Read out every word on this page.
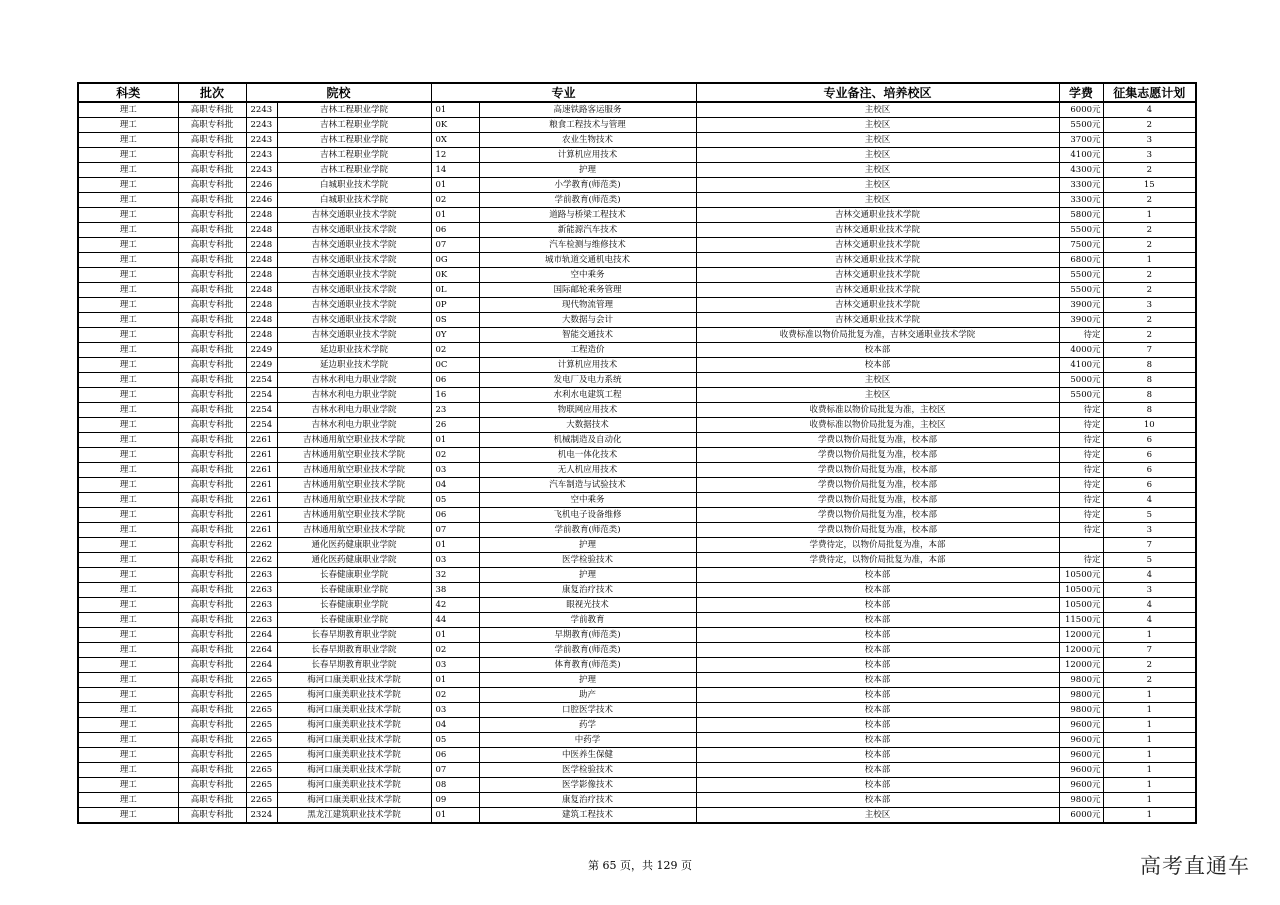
科类	批次	院校		专业		专业备注、培养校区	学费	征集志愿计划
理工	高职专科批	2243	吉林工程职业学院	01	高速铁路客运服务	主校区	6000元	4
理工	高职专科批	2243	吉林工程职业学院	0K	粮食工程技术与管理	主校区	5500元	2
理工	高职专科批	2243	吉林工程职业学院	0X	农业生物技术	主校区	3700元	3
理工	高职专科批	2243	吉林工程职业学院	12	计算机应用技术	主校区	4100元	3
理工	高职专科批	2243	吉林工程职业学院	14	护理	主校区	4300元	2
理工	高职专科批	2246	白城职业技术学院	01	小学教育(师范类)	主校区	3300元	15
理工	高职专科批	2246	白城职业技术学院	02	学前教育(师范类)	主校区	3300元	2
理工	高职专科批	2248	吉林交通职业技术学院	01	道路与桥梁工程技术	吉林交通职业技术学院	5800元	1
理工	高职专科批	2248	吉林交通职业技术学院	06	新能源汽车技术	吉林交通职业技术学院	5500元	2
理工	高职专科批	2248	吉林交通职业技术学院	07	汽车检测与维修技术	吉林交通职业技术学院	7500元	2
理工	高职专科批	2248	吉林交通职业技术学院	0G	城市轨道交通机电技术	吉林交通职业技术学院	6800元	1
理工	高职专科批	2248	吉林交通职业技术学院	0K	空中乘务	吉林交通职业技术学院	5500元	2
理工	高职专科批	2248	吉林交通职业技术学院	0L	国际邮轮乘务管理	吉林交通职业技术学院	5500元	2
理工	高职专科批	2248	吉林交通职业技术学院	0P	现代物流管理	吉林交通职业技术学院	3900元	3
理工	高职专科批	2248	吉林交通职业技术学院	0S	大数据与会计	吉林交通职业技术学院	3900元	2
理工	高职专科批	2248	吉林交通职业技术学院	0Y	智能交通技术	收费标准以物价局批复为准，吉林交通职业技术学院	待定	2
理工	高职专科批	2249	延边职业技术学院	02	工程造价	校本部	4000元	7
理工	高职专科批	2249	延边职业技术学院	0C	计算机应用技术	校本部	4100元	8
理工	高职专科批	2254	吉林水利电力职业学院	06	发电厂及电力系统	主校区	5000元	8
理工	高职专科批	2254	吉林水利电力职业学院	16	水利水电建筑工程	主校区	5500元	8
理工	高职专科批	2254	吉林水利电力职业学院	23	物联网应用技术	收费标准以物价局批复为准，主校区	待定	8
理工	高职专科批	2254	吉林水利电力职业学院	26	大数据技术	收费标准以物价局批复为准，主校区	待定	10
理工	高职专科批	2261	吉林通用航空职业技术学院	01	机械制造及自动化	学费以物价局批复为准，校本部	待定	6
理工	高职专科批	2261	吉林通用航空职业技术学院	02	机电一体化技术	学费以物价局批复为准，校本部	待定	6
理工	高职专科批	2261	吉林通用航空职业技术学院	03	无人机应用技术	学费以物价局批复为准，校本部	待定	6
理工	高职专科批	2261	吉林通用航空职业技术学院	04	汽车制造与试验技术	学费以物价局批复为准，校本部	待定	6
理工	高职专科批	2261	吉林通用航空职业技术学院	05	空中乘务	学费以物价局批复为准，校本部	待定	4
理工	高职专科批	2261	吉林通用航空职业技术学院	06	飞机电子设备维修	学费以物价局批复为准，校本部	待定	5
理工	高职专科批	2261	吉林通用航空职业技术学院	07	学前教育(师范类)	学费以物价局批复为准，校本部	待定	3
理工	高职专科批	2262	通化医药健康职业学院	01	护理	学费待定，以物价局批复为准，本部		7
理工	高职专科批	2262	通化医药健康职业学院	03	医学检验技术	学费待定，以物价局批复为准，本部	待定	5
理工	高职专科批	2263	长春健康职业学院	32	护理	校本部	10500元	4
理工	高职专科批	2263	长春健康职业学院	38	康复治疗技术	校本部	10500元	3
理工	高职专科批	2263	长春健康职业学院	42	眼视光技术	校本部	10500元	4
理工	高职专科批	2263	长春健康职业学院	44	学前教育	校本部	11500元	4
理工	高职专科批	2264	长春早期教育职业学院	01	早期教育(师范类)	校本部	12000元	1
理工	高职专科批	2264	长春早期教育职业学院	02	学前教育(师范类)	校本部	12000元	7
理工	高职专科批	2264	长春早期教育职业学院	03	体育教育(师范类)	校本部	12000元	2
理工	高职专科批	2265	梅河口康美职业技术学院	01	护理	校本部	9800元	2
理工	高职专科批	2265	梅河口康美职业技术学院	02	助产	校本部	9800元	1
理工	高职专科批	2265	梅河口康美职业技术学院	03	口腔医学技术	校本部	9800元	1
理工	高职专科批	2265	梅河口康美职业技术学院	04	药学	校本部	9600元	1
理工	高职专科批	2265	梅河口康美职业技术学院	05	中药学	校本部	9600元	1
理工	高职专科批	2265	梅河口康美职业技术学院	06	中医养生保健	校本部	9600元	1
理工	高职专科批	2265	梅河口康美职业技术学院	07	医学检验技术	校本部	9600元	1
理工	高职专科批	2265	梅河口康美职业技术学院	08	医学影像技术	校本部	9600元	1
理工	高职专科批	2265	梅河口康美职业技术学院	09	康复治疗技术	校本部	9800元	1
理工	高职专科批	2324	黑龙江建筑职业技术学院	01	建筑工程技术	主校区	6000元	1
第 65 页，共 129 页	高考直通车
